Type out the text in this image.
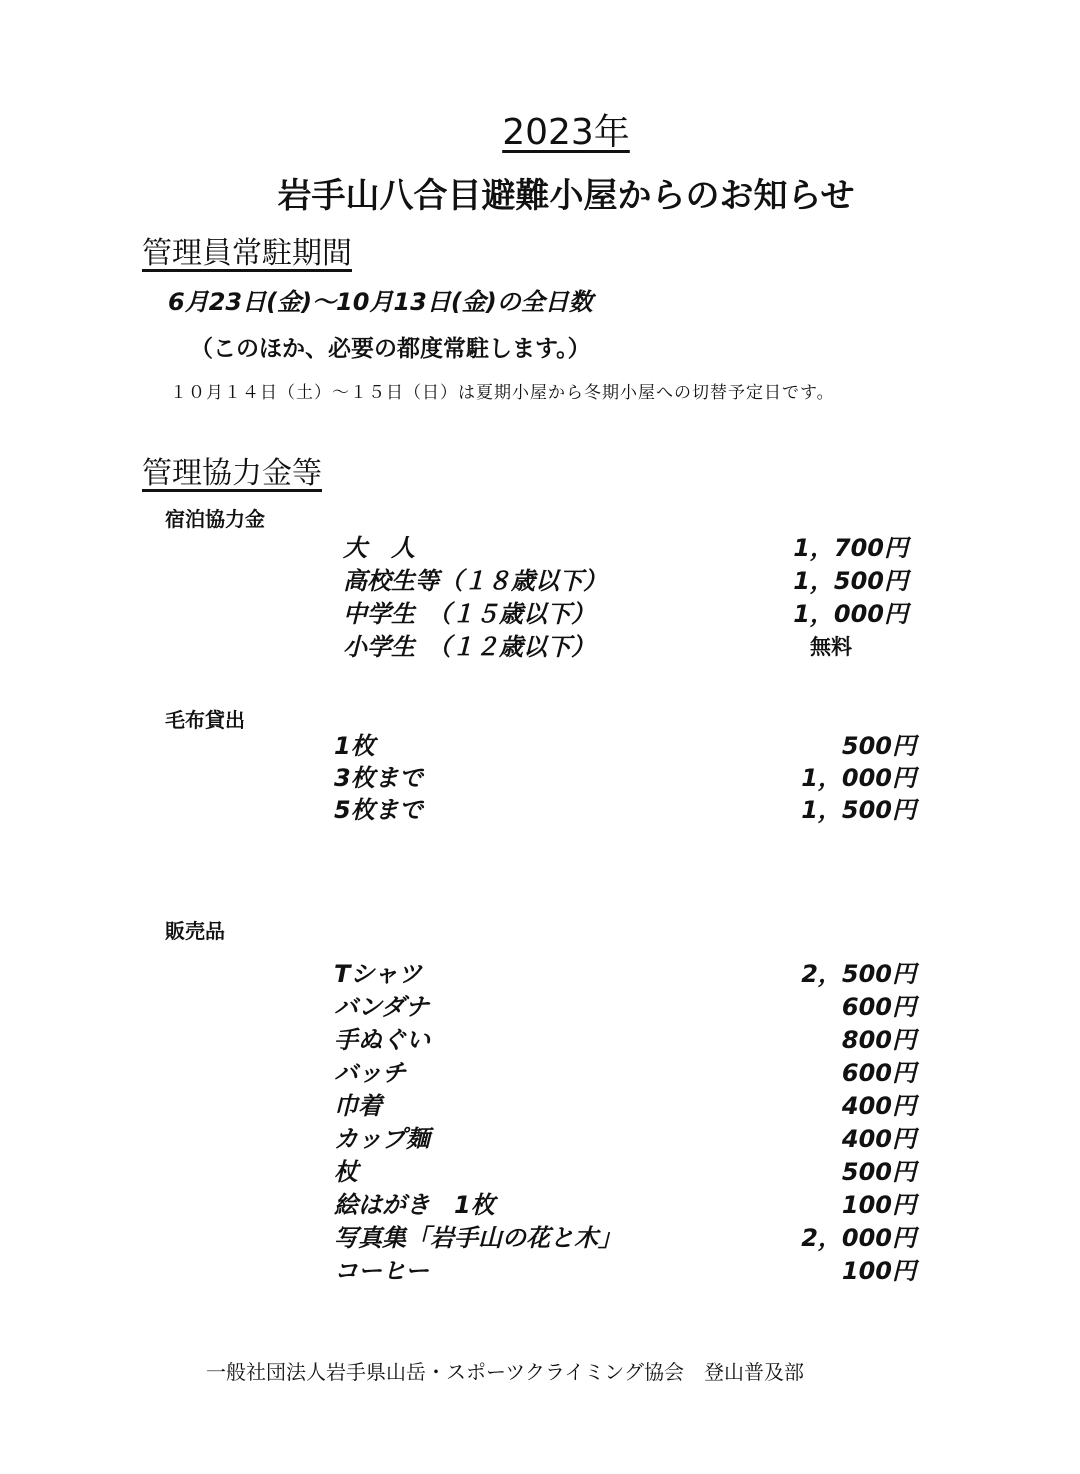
2023年
岩手山八合目避難小屋からのお知らせ
管理員常駐期間
6月23日(金)～10月13日(金)の全日数
（このほか、必要の都度常駐します。）
１０月１４日（土）～１５日（日）は夏期小屋から冬期小屋への切替予定日です。
管理協力金等
宿泊協力金
大　人	1，700円
高校生等（１８歳以下）	1，500円
中学生　（１５歳以下）	1，000円
小学生　（１２歳以下）	無料
毛布貸出
1枚	500円
3枚まで	1，000円
5枚まで	1，500円
販売品
Tシャツ	2，500円
バンダナ	600円
手ぬぐい	800円
バッチ	600円
巾着	400円
カップ麺	400円
杖	500円
絵はがき　1枚	100円
写真集「岩手山の花と木」	2，000円
コーヒー	100円
一般社団法人岩手県山岳・スポーツクライミング協会　登山普及部
